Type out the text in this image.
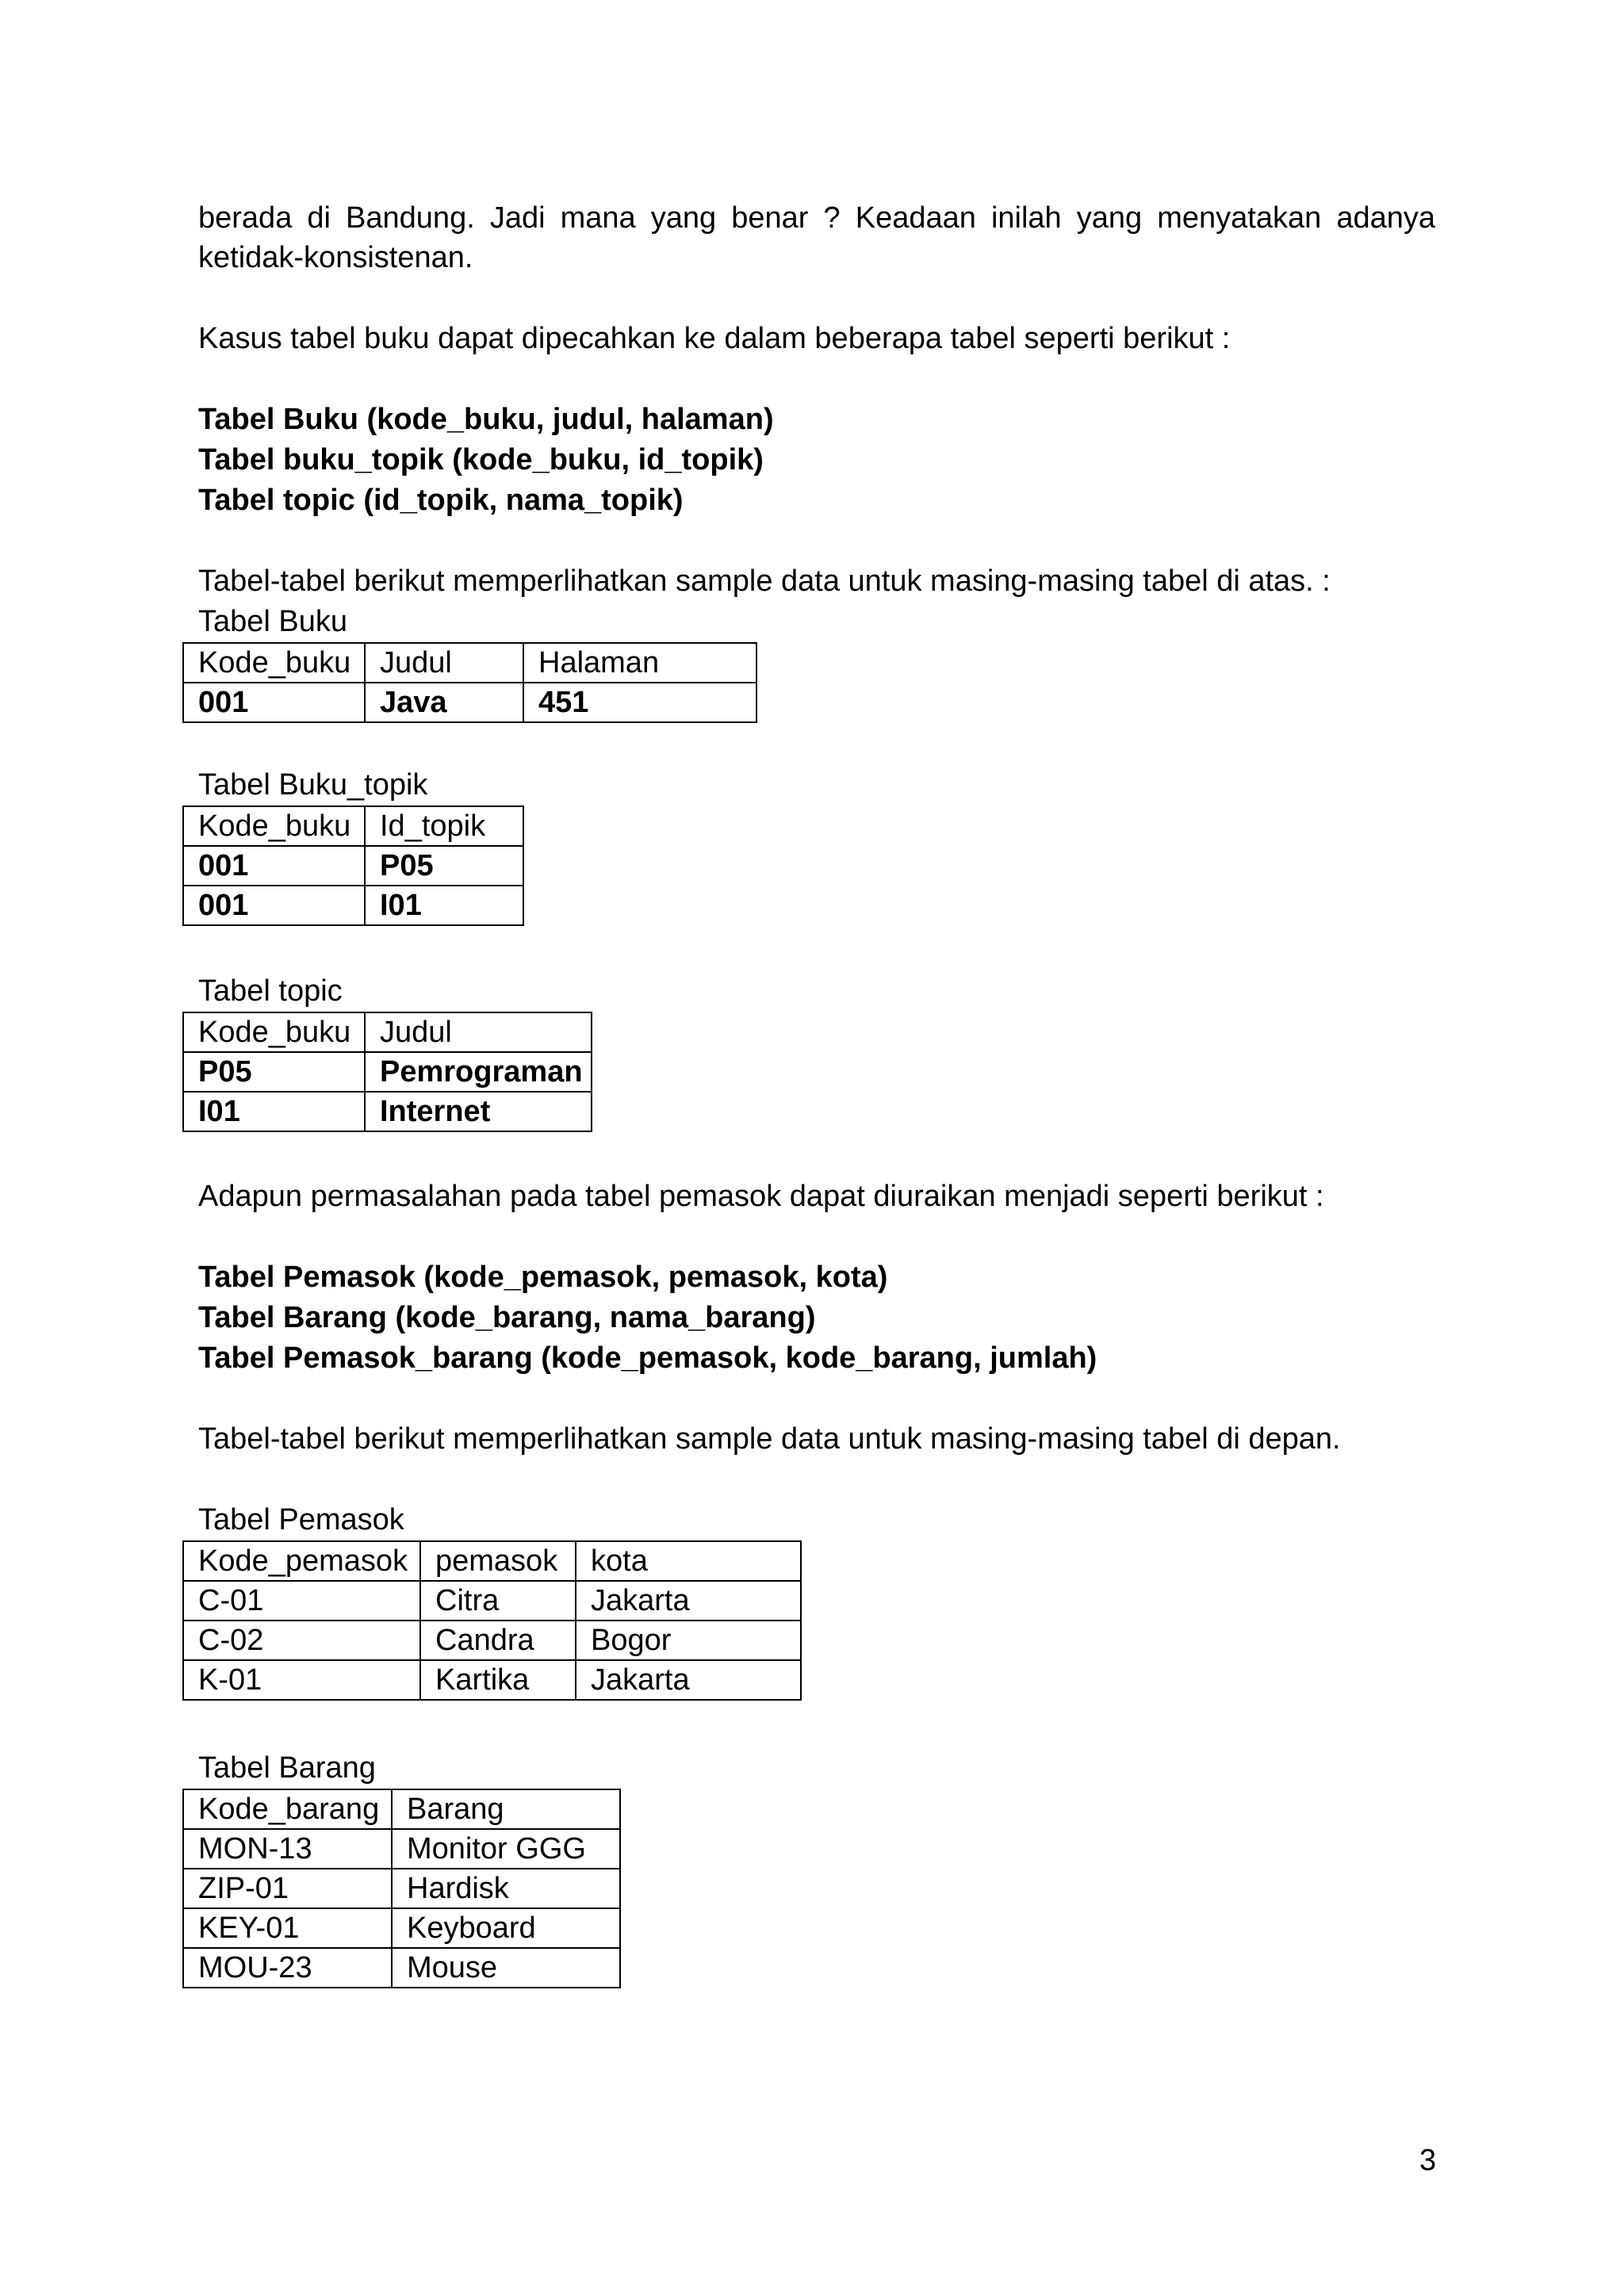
berada di Bandung. Jadi mana yang benar ? Keadaan inilah yang menyatakan adanya
ketidak-konsistenan.

Kasus tabel buku dapat dipecahkan ke dalam beberapa tabel seperti berikut :

Tabel Buku (kode_buku, judul, halaman)

Tabel buku_topik (kode_buku, id_topik)

Tabel topic (id_topik, nama_topik)

Tabel-tabel berikut memperlihatkan sample data untuk masing-masing tabel di atas. :

Tabel Buku

Kode_buku	Judul	Halaman
001	Java	451

Tabel Buku_topik

Kode_buku	Id_topik
001	P05
001	I01

Tabel topic

Kode_buku	Judul
P05	Pemrograman
I01	Internet

Adapun permasalahan pada tabel pemasok dapat diuraikan menjadi seperti berikut :

Tabel Pemasok (kode_pemasok, pemasok, kota)

Tabel Barang (kode_barang, nama_barang)

Tabel Pemasok_barang (kode_pemasok, kode_barang, jumlah)

Tabel-tabel berikut memperlihatkan sample data untuk masing-masing tabel di depan.

Tabel Pemasok

Kode_pemasok	pemasok	kota
C-01	Citra	Jakarta
C-02	Candra	Bogor
K-01	Kartika	Jakarta

Tabel Barang

Kode_barang	Barang
MON-13	Monitor GGG
ZIP-01	Hardisk
KEY-01	Keyboard
MOU-23	Mouse
3
